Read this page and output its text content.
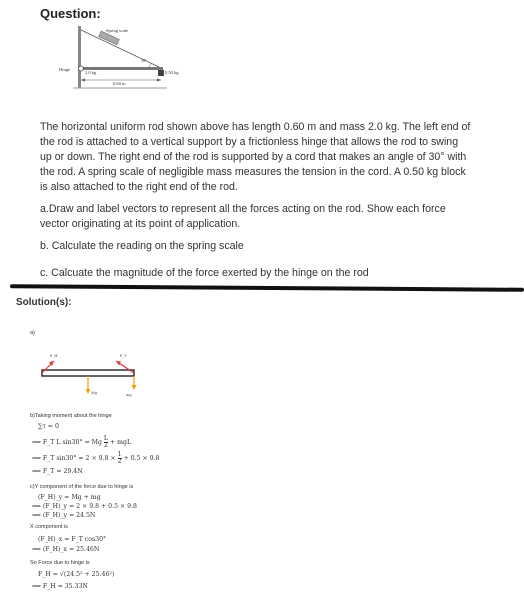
Question:
Spring scale
30°
Hinge
2.0 kg	0.50 kg
0.60 m
The horizontal uniform rod shown above has length 0.60 m and mass 2.0 kg. The left end of
the rod is attached to a vertical support by a frictionless hinge that allows the rod to swing
up or down. The right end of the rod is supported by a cord that makes an angle of 30° with
the rod. A spring scale of negligible mass measures the tension in the cord. A 0.50 kg block
is also attached to the right end of the rod.
a.Draw and label vectors to represent all the forces acting on the rod. Show each force
vector originating at its point of application.
b. Calculate the reading on the spring scale
c. Calcuate the magnitude of the force exerted by the hinge on the rod
Solution(s):
a)
F_H	F_T
Mg	mg
b)Taking moment about the hinge
∑τ = 0
⟹ F_T L sin30° = Mg $\frac{L}{2}$ + mgL
⟹ F_T $\sin 30^\circ = 2 \times 9.8 \times \frac{1}{2} + 0.5 \times 9.8$
⟹ F_T = 29.4N
c)Y component of the force due to hinge is
(F_H)_y = Mg + mg
⟹ (F_H)_y = 2 × 9.8 + 0.5 × 9.8
⟹ (F_H)_y = 24.5N
X component is
(F_H)_x = F_T cos30°
⟹ (F_H)_x = 25.46N
So Force due to hinge is
F_H = √(24.5² + 25.46²)
⟹ F_H = 35.33N
